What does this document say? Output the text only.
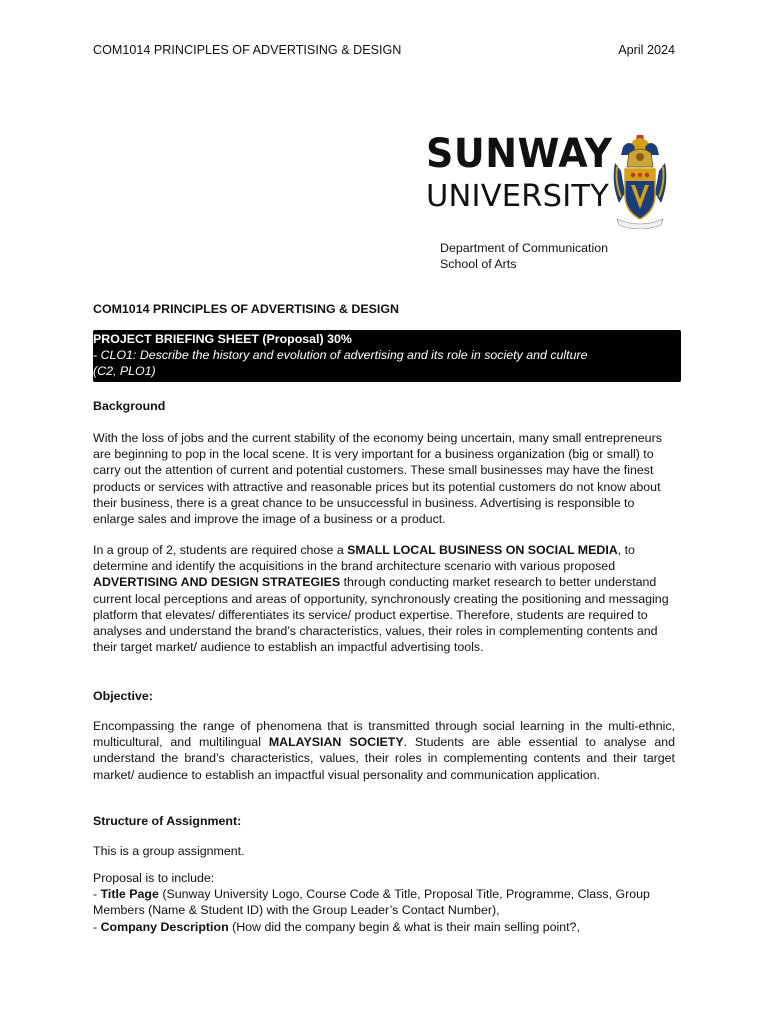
COM1014 PRINCIPLES OF ADVERTISING & DESIGN	April 2024
SUNWAY
UNIVERSITY
Department of Communication
School of Arts
COM1014 PRINCIPLES OF ADVERTISING & DESIGN
PROJECT BRIEFING SHEET (Proposal) 30%
- CLO1: Describe the history and evolution of advertising and its role in society and culture
(C2, PLO1)
Background
With the loss of jobs and the current stability of the economy being uncertain, many small entrepreneurs are beginning to pop in the local scene. It is very important for a business organization (big or small) to carry out the attention of current and potential customers. These small businesses may have the finest products or services with attractive and reasonable prices but its potential customers do not know about their business, there is a great chance to be unsuccessful in business. Advertising is responsible to enlarge sales and improve the image of a business or a product.
In a group of 2, students are required chose a SMALL LOCAL BUSINESS ON SOCIAL MEDIA, to determine and identify the acquisitions in the brand architecture scenario with various proposed ADVERTISING AND DESIGN STRATEGIES through conducting market research to better understand current local perceptions and areas of opportunity, synchronously creating the positioning and messaging platform that elevates/ differentiates its service/ product expertise. Therefore, students are required to analyses and understand the brand’s characteristics, values, their roles in complementing contents and their target market/ audience to establish an impactful advertising tools.
Objective:
Encompassing the range of phenomena that is transmitted through social learning in the multi-ethnic, multicultural, and multilingual MALAYSIAN SOCIETY. Students are able essential to analyse and understand the brand’s characteristics, values, their roles in complementing contents and their target market/ audience to establish an impactful visual personality and communication application.
Structure of Assignment:
This is a group assignment.
Proposal is to include:
- Title Page (Sunway University Logo, Course Code & Title, Proposal Title, Programme, Class, Group Members (Name & Student ID) with the Group Leader’s Contact Number),
- Company Description (How did the company begin & what is their main selling point?,
